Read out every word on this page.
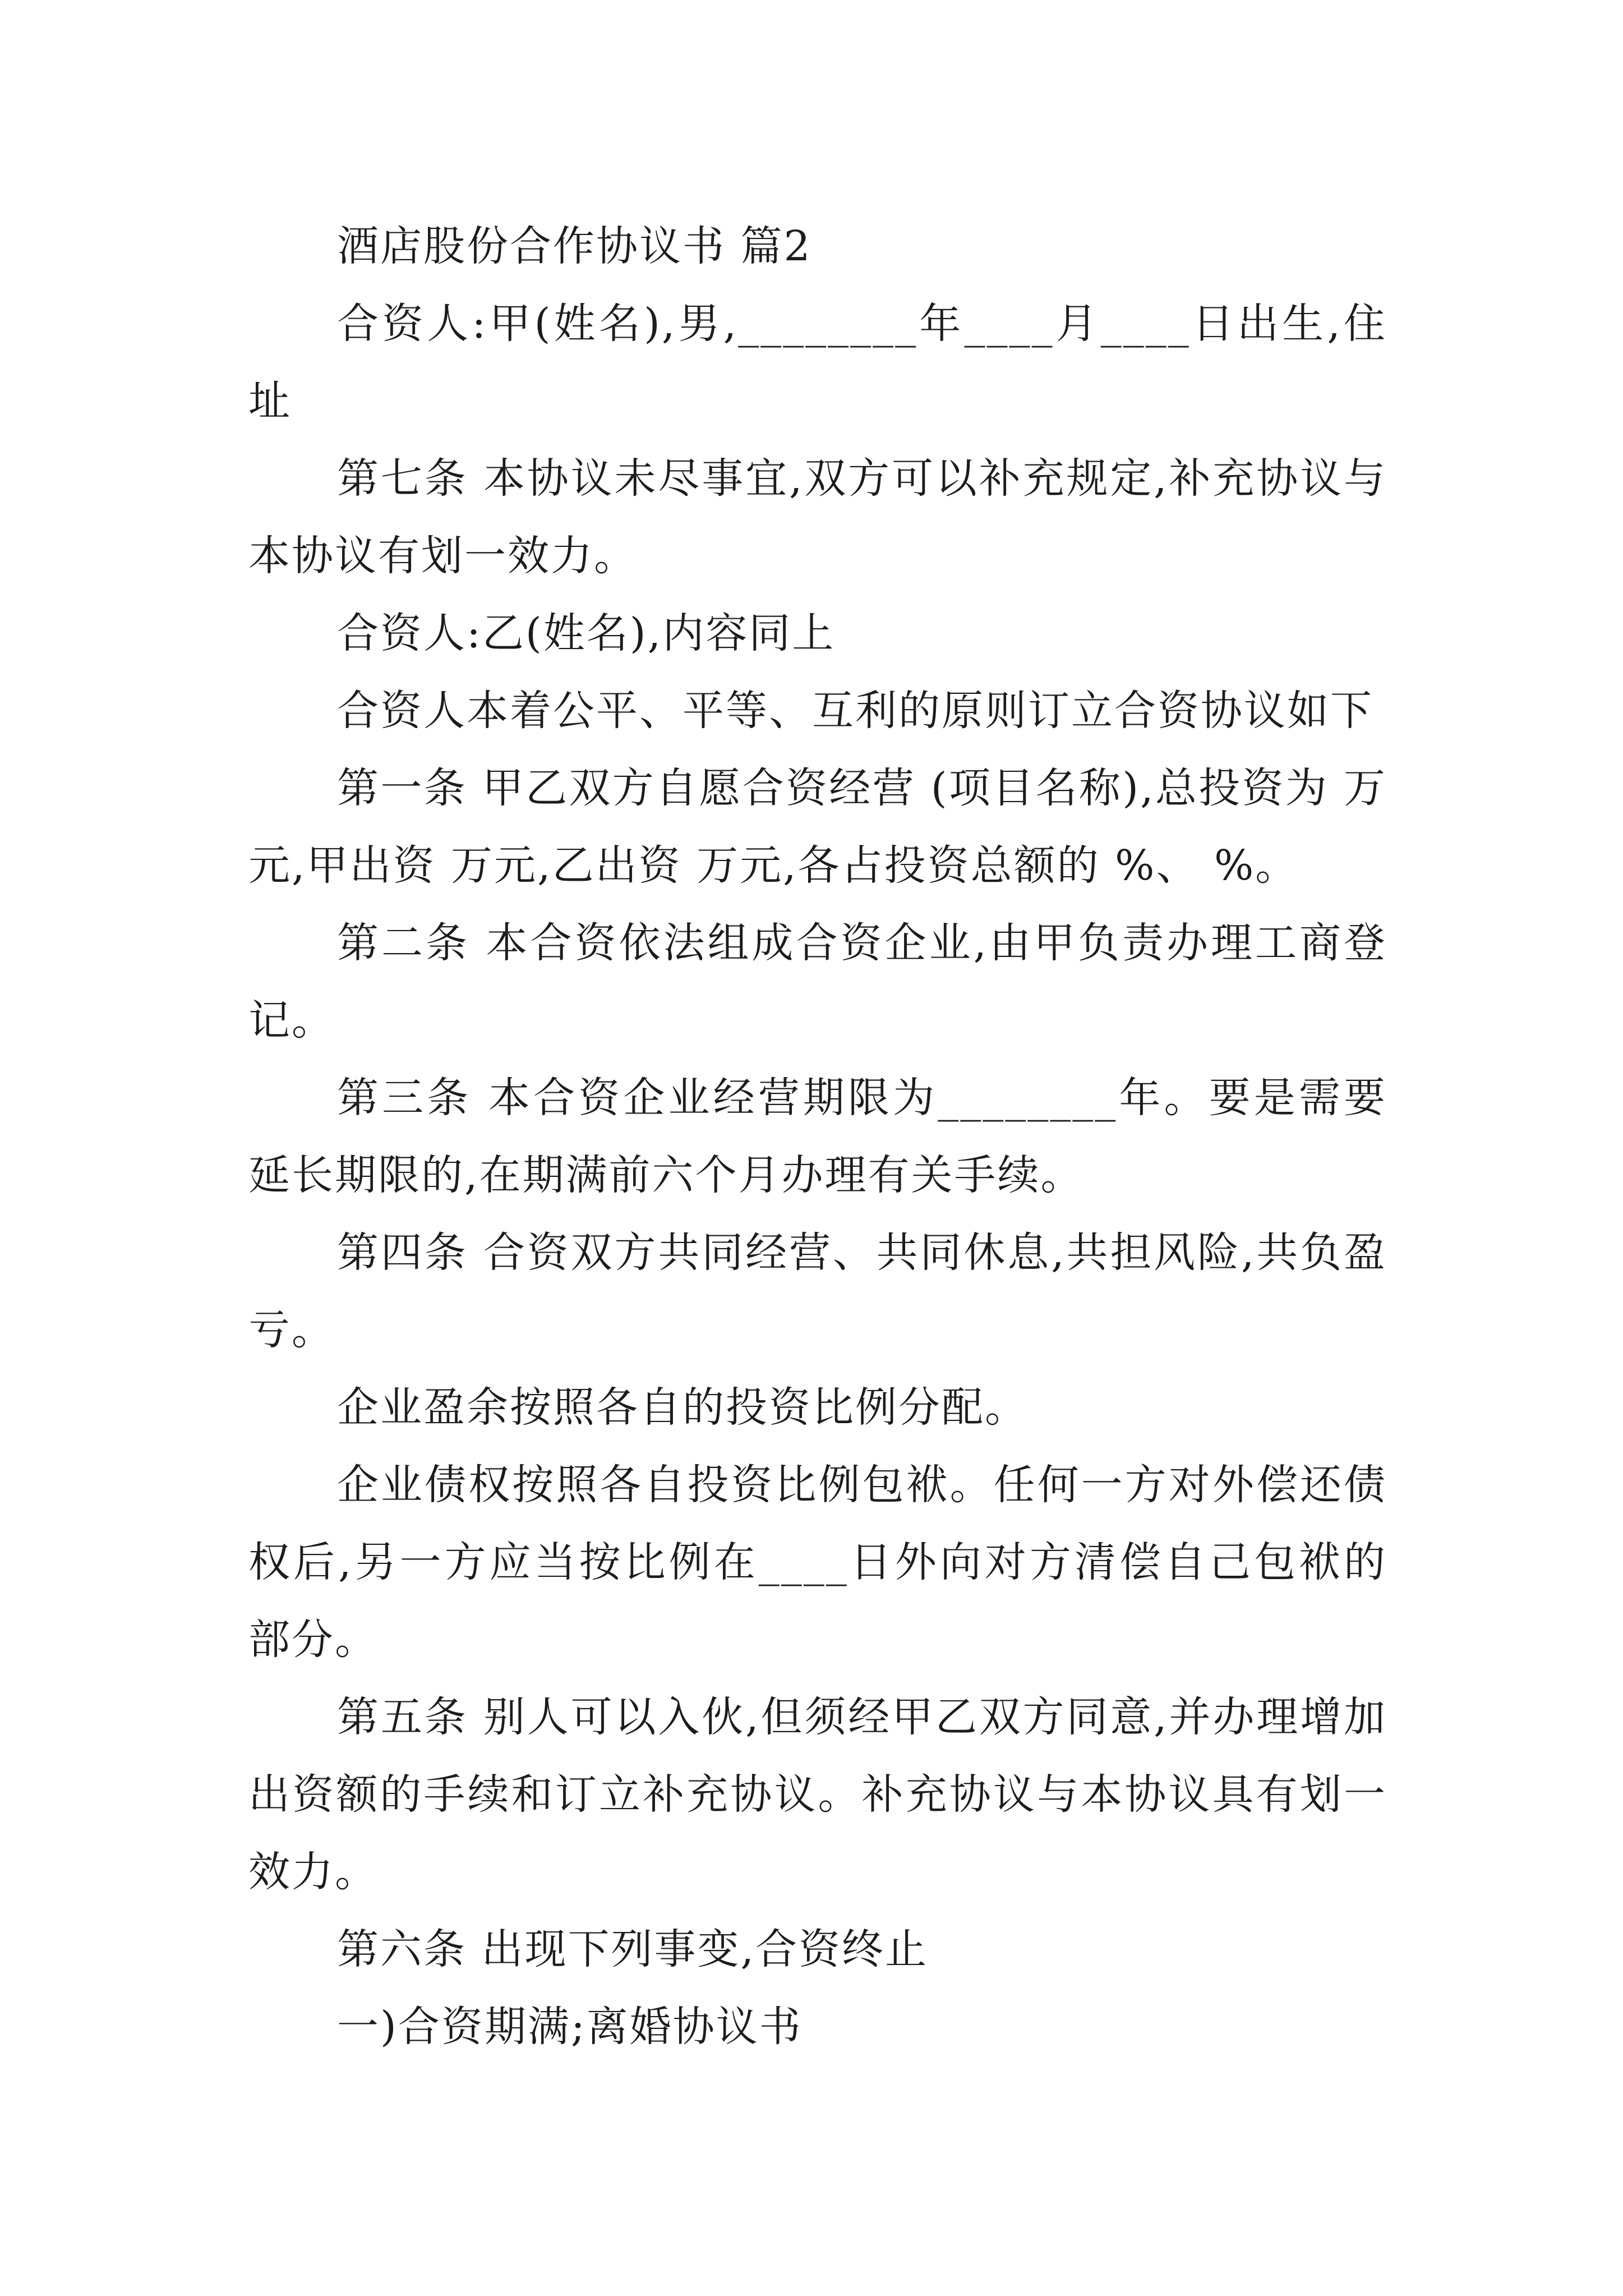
酒店股份合作协议书 篇2

合资人:甲(姓名),男,________年____月____日出生,住址

第七条 本协议未尽事宜,双方可以补充规定,补充协议与本协议有划一效力。

合资人:乙(姓名),内容同上

合资人本着公平、平等、互利的原则订立合资协议如下

第一条 甲乙双方自愿合资经营 (项目名称),总投资为 万元,甲出资 万元,乙出资 万元,各占投资总额的 %、 %。

第二条 本合资依法组成合资企业,由甲负责办理工商登记。

第三条 本合资企业经营期限为________年。要是需要延长期限的,在期满前六个月办理有关手续。

第四条 合资双方共同经营、共同休息,共担风险,共负盈亏。

企业盈余按照各自的投资比例分配。

企业债权按照各自投资比例包袱。任何一方对外偿还债权后,另一方应当按比例在____日外向对方清偿自己包袱的部分。

第五条 别人可以入伙,但须经甲乙双方同意,并办理增加出资额的手续和订立补充协议。补充协议与本协议具有划一效力。

第六条 出现下列事变,合资终止

一)合资期满;离婚协议书
